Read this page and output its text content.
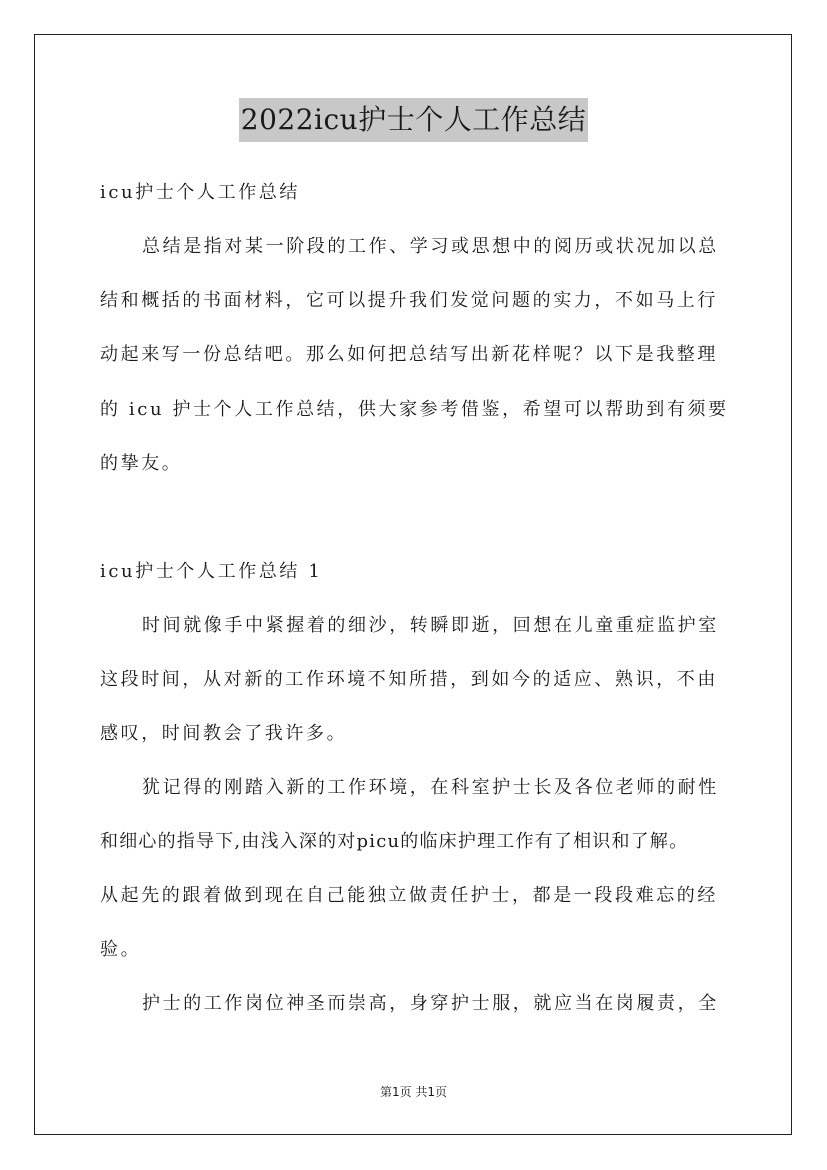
2022icu护士个人工作总结
icu护士个人工作总结
总结是指对某一阶段的工作、学习或思想中的阅历或状况加以总
结和概括的书面材料，它可以提升我们发觉问题的实力，不如马上行
动起来写一份总结吧。那么如何把总结写出新花样呢？以下是我整理
的 icu 护士个人工作总结，供大家参考借鉴，希望可以帮助到有须要
的挚友。
icu护士个人工作总结 1
时间就像手中紧握着的细沙，转瞬即逝，回想在儿童重症监护室
这段时间，从对新的工作环境不知所措，到如今的适应、熟识，不由
感叹，时间教会了我许多。
犹记得的刚踏入新的工作环境，在科室护士长及各位老师的耐性
和细心的指导下,由浅入深的对picu的临床护理工作有了相识和了解。
从起先的跟着做到现在自己能独立做责任护士，都是一段段难忘的经
验。
护士的工作岗位神圣而崇高，身穿护士服，就应当在岗履责，全
第1页 共1页
